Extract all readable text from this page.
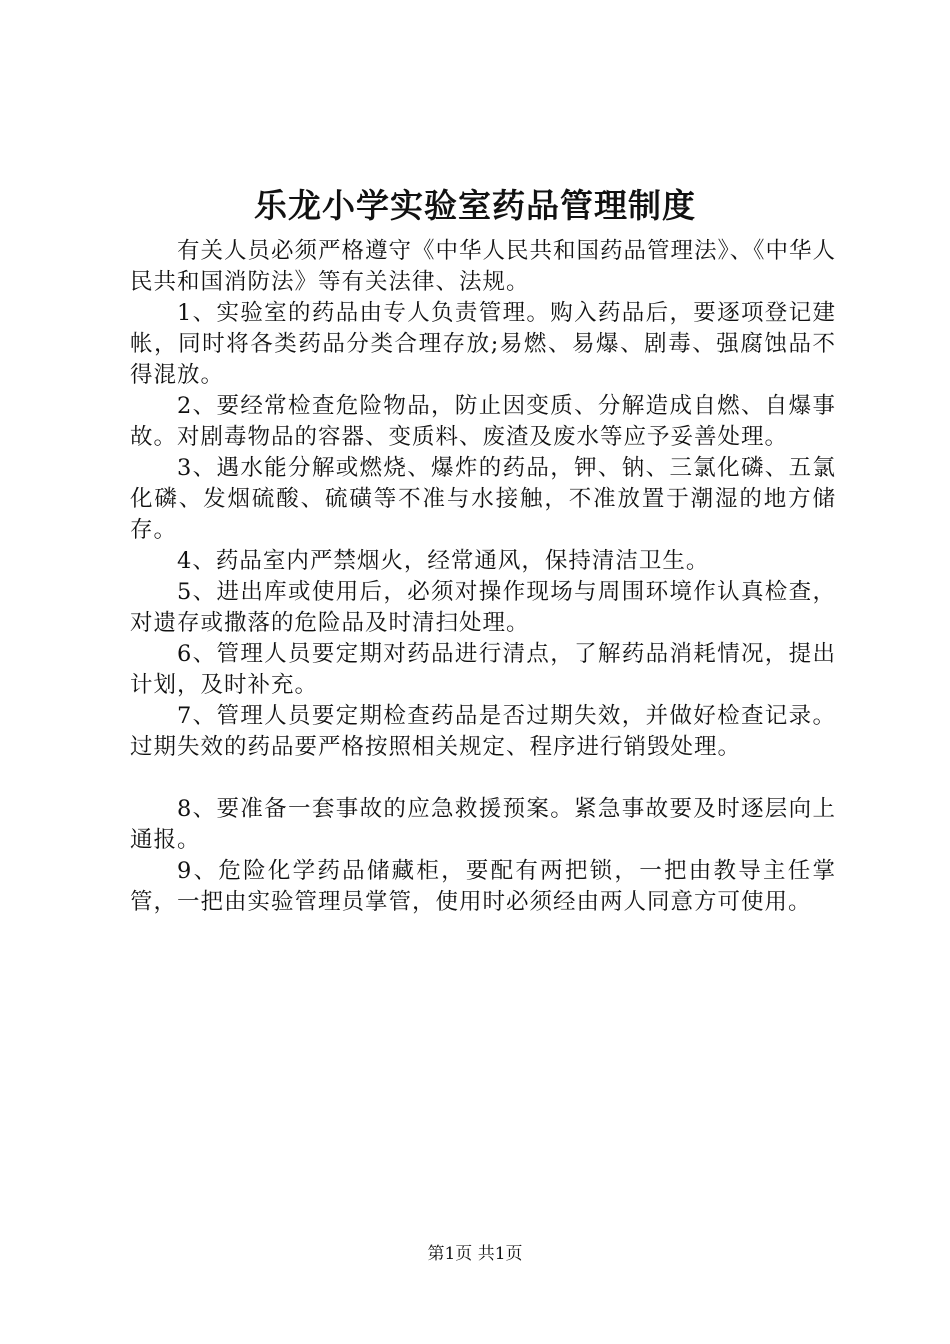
乐龙小学实验室药品管理制度

有关人员必须严格遵守《中华人民共和国药品管理法》、《中华人民共和国消防法》等有关法律、法规。

1、实验室的药品由专人负责管理。购入药品后，要逐项登记建帐，同时将各类药品分类合理存放;易燃、易爆、剧毒、强腐蚀品不得混放。

2、要经常检查危险物品，防止因变质、分解造成自燃、自爆事故。对剧毒物品的容器、变质料、废渣及废水等应予妥善处理。

3、遇水能分解或燃烧、爆炸的药品，钾、钠、三氯化磷、五氯化磷、发烟硫酸、硫磺等不准与水接触，不准放置于潮湿的地方储存。

4、药品室内严禁烟火，经常通风，保持清洁卫生。

5、进出库或使用后，必须对操作现场与周围环境作认真检查，对遗存或撒落的危险品及时清扫处理。

6、管理人员要定期对药品进行清点，了解药品消耗情况，提出计划，及时补充。

7、管理人员要定期检查药品是否过期失效，并做好检查记录。过期失效的药品要严格按照相关规定、程序进行销毁处理。

8、要准备一套事故的应急救援预案。紧急事故要及时逐层向上通报。

9、危险化学药品储藏柜，要配有两把锁，一把由教导主任掌管，一把由实验管理员掌管，使用时必须经由两人同意方可使用。

第1页 共1页
